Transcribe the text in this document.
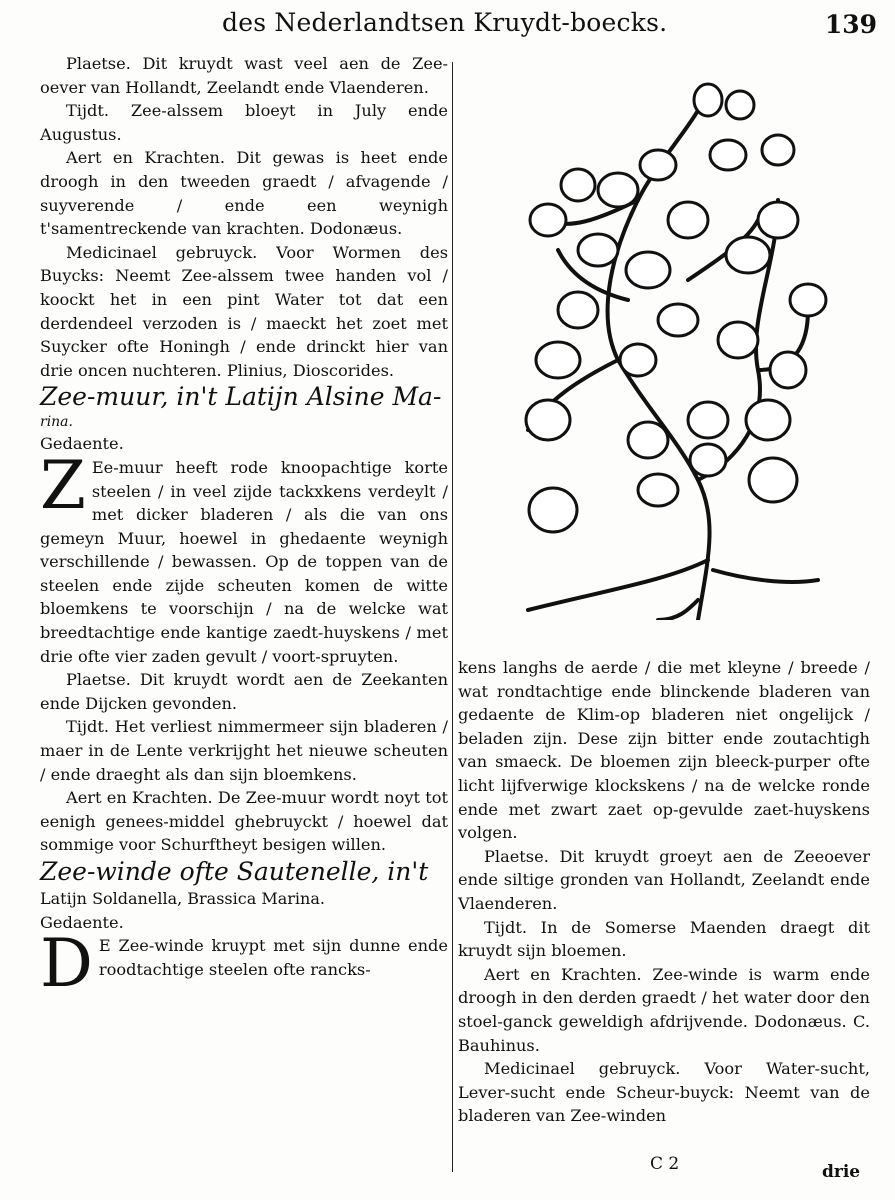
des Nederlandtsen Kruydt-boecks.	139

Plaetse. Dit kruydt wast veel aen de Zee-oever van Hollandt, Zeelandt ende Vlaenderen.

Tijdt. Zee-alssem bloeyt in July ende Augustus.

Aert en Krachten. Dit gewas is heet ende droogh in den tweeden graedt / afvagende / suyverende / ende een weynigh t'samentreckende van krachten. Dodonæus.

Medicinael gebruyck. Voor Wormen des Buycks: Neemt Zee-alssem twee handen vol / koockt het in een pint Water tot dat een derdendeel verzoden is / maeckt het zoet met Suycker ofte Honingh / ende drinckt hier van drie oncen nuchteren. Plinius, Dioscorides.

Zee-muur, in't Latijn Alsine Ma-

rina.

Gedaente.

Z Ee-muur heeft rode knoopachtige korte steelen / in veel zijde tackxkens verdeylt / met dicker bladeren / als die van ons gemeyn Muur, hoewel in ghedaente weynigh verschillende / bewassen. Op de toppen van de steelen ende zijde scheuten komen de witte bloemkens te voorschijn / na de welcke wat breedtachtige ende kantige zaedt-huyskens / met drie ofte vier zaden gevult / voort-spruyten.

Plaetse. Dit kruydt wordt aen de Zeekanten ende Dijcken gevonden.

Tijdt. Het verliest nimmermeer sijn bladeren / maer in de Lente verkrijght het nieuwe scheuten / ende draeght als dan sijn bloemkens.

Aert en Krachten. De Zee-muur wordt noyt tot eenigh genees-middel ghebruyckt / hoewel dat sommige voor Schurftheyt besigen willen.

Zee-winde ofte Sautenelle, in't

Latijn Soldanella, Brassica Marina.

Gedaente.

D E Zee-winde kruypt met sijn dunne ende roodtachtige steelen ofte rancks-

kens langhs de aerde / die met kleyne / breede / wat rondtachtige ende blinckende bladeren van gedaente de Klim-op bladeren niet ongelijck / beladen zijn. Dese zijn bitter ende zoutachtigh van smaeck. De bloemen zijn bleeck-purper ofte licht lijfverwige klockskens / na de welcke ronde ende met zwart zaet op-gevulde zaet-huyskens volgen.

Plaetse. Dit kruydt groeyt aen de Zeeoever ende siltige gronden van Hollandt, Zeelandt ende Vlaenderen.

Tijdt. In de Somerse Maenden draegt dit kruydt sijn bloemen.

Aert en Krachten. Zee-winde is warm ende droogh in den derden graedt / het water door den stoel-ganck geweldigh afdrijvende. Dodonæus. C. Bauhinus.

Medicinael gebruyck. Voor Water-sucht, Lever-sucht ende Scheur-buyck: Neemt van de bladeren van Zee-winden

C 2	drie
